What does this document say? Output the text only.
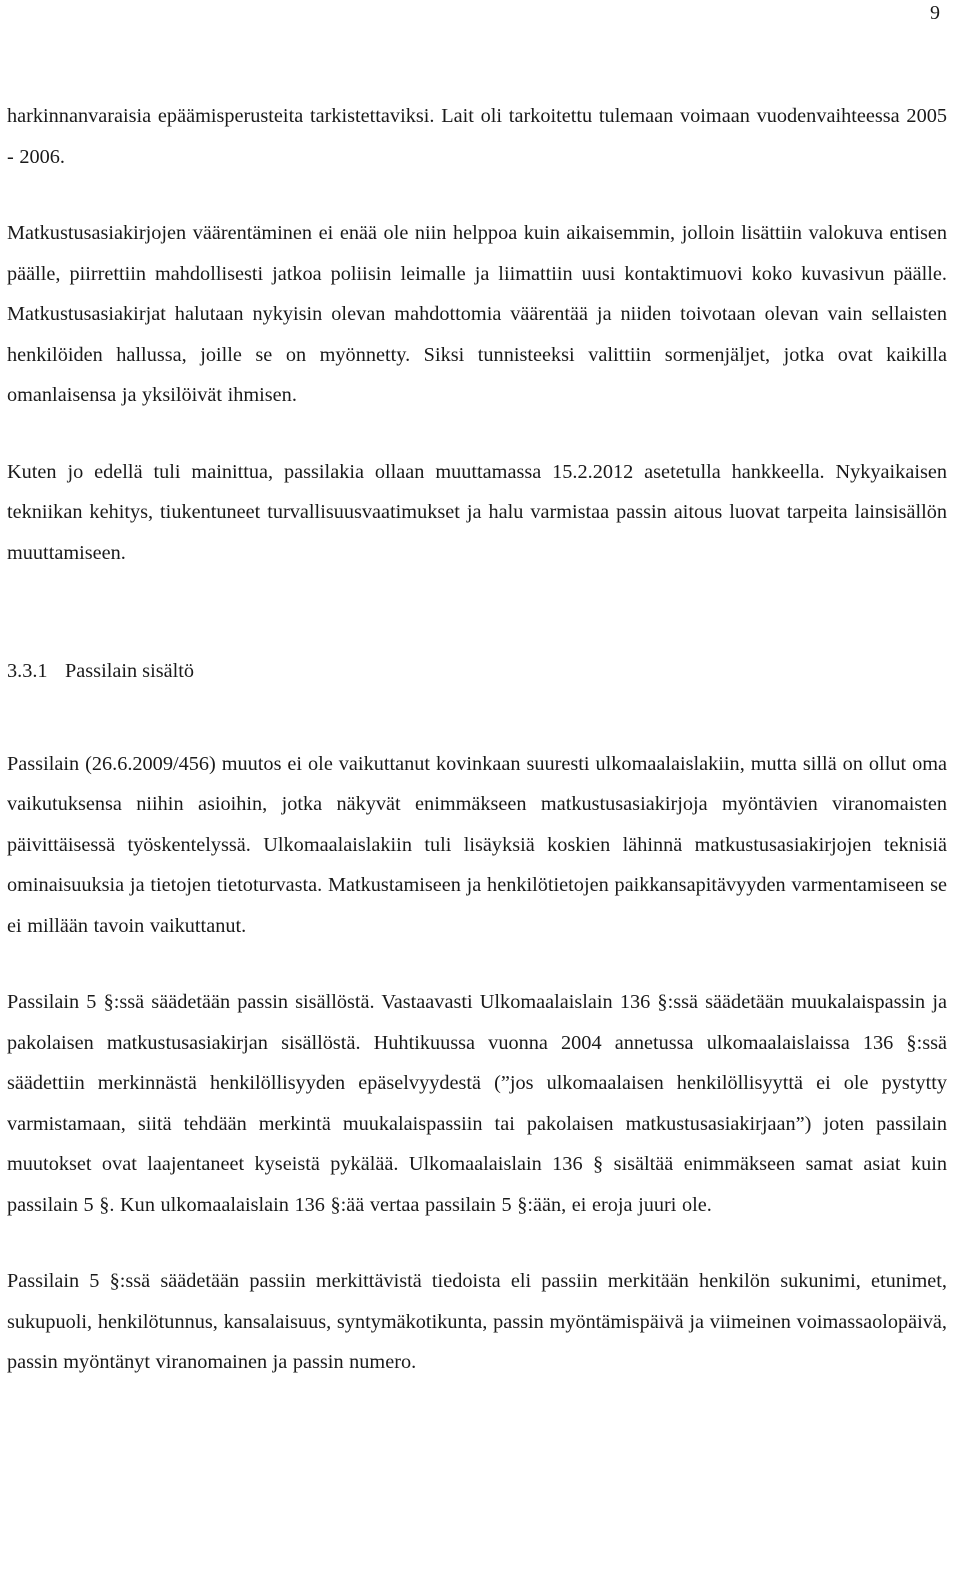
9

harkinnanvaraisia epäämisperusteita tarkistettaviksi. Lait oli tarkoitettu tulemaan voimaan vuodenvaihteessa 2005 - 2006.

Matkustusasiakirjojen väärentäminen ei enää ole niin helppoa kuin aikaisemmin, jolloin lisättiin valokuva entisen päälle, piirrettiin mahdollisesti jatkoa poliisin leimalle ja liimattiin uusi kontaktimuovi koko kuvasivun päälle. Matkustusasiakirjat halutaan nykyisin olevan mahdottomia väärentää ja niiden toivotaan olevan vain sellaisten henkilöiden hallussa, joille se on myönnetty. Siksi tunnisteeksi valittiin sormenjäljet, jotka ovat kaikilla omanlaisensa ja yksilöivät ihmisen.

Kuten jo edellä tuli mainittua, passilakia ollaan muuttamassa 15.2.2012 asetetulla hankkeella. Nykyaikaisen tekniikan kehitys, tiukentuneet turvallisuusvaatimukset ja halu varmistaa passin aitous luovat tarpeita lainsisällön muuttamiseen.

3.3.1 Passilain sisältö

Passilain (26.6.2009/456) muutos ei ole vaikuttanut kovinkaan suuresti ulkomaalaislakiin, mutta sillä on ollut oma vaikutuksensa niihin asioihin, jotka näkyvät enimmäkseen matkustusasiakirjoja myöntävien viranomaisten päivittäisessä työskentelyssä. Ulkomaalaislakiin tuli lisäyksiä koskien lähinnä matkustusasiakirjojen teknisiä ominaisuuksia ja tietojen tietoturvasta. Matkustamiseen ja henkilötietojen paikkansapitävyyden varmentamiseen se ei millään tavoin vaikuttanut.

Passilain 5 §:ssä säädetään passin sisällöstä. Vastaavasti Ulkomaalaislain 136 §:ssä säädetään muukalaispassin ja pakolaisen matkustusasiakirjan sisällöstä. Huhtikuussa vuonna 2004 annetussa ulkomaalaislaissa 136 §:ssä säädettiin merkinnästä henkilöllisyyden epäselvyydestä (”jos ulkomaalaisen henkilöllisyyttä ei ole pystytty varmistamaan, siitä tehdään merkintä muukalaispassiin tai pakolaisen matkustusasiakirjaan”) joten passilain muutokset ovat laajentaneet kyseistä pykälää. Ulkomaalaislain 136 § sisältää enimmäkseen samat asiat kuin passilain 5 §. Kun ulkomaalaislain 136 §:ää vertaa passilain 5 §:ään, ei eroja juuri ole.

Passilain 5 §:ssä säädetään passiin merkittävistä tiedoista eli passiin merkitään henkilön sukunimi, etunimet, sukupuoli, henkilötunnus, kansalaisuus, syntymäkotikunta, passin myöntämispäivä ja viimeinen voimassaolopäivä, passin myöntänyt viranomainen ja passin numero.
